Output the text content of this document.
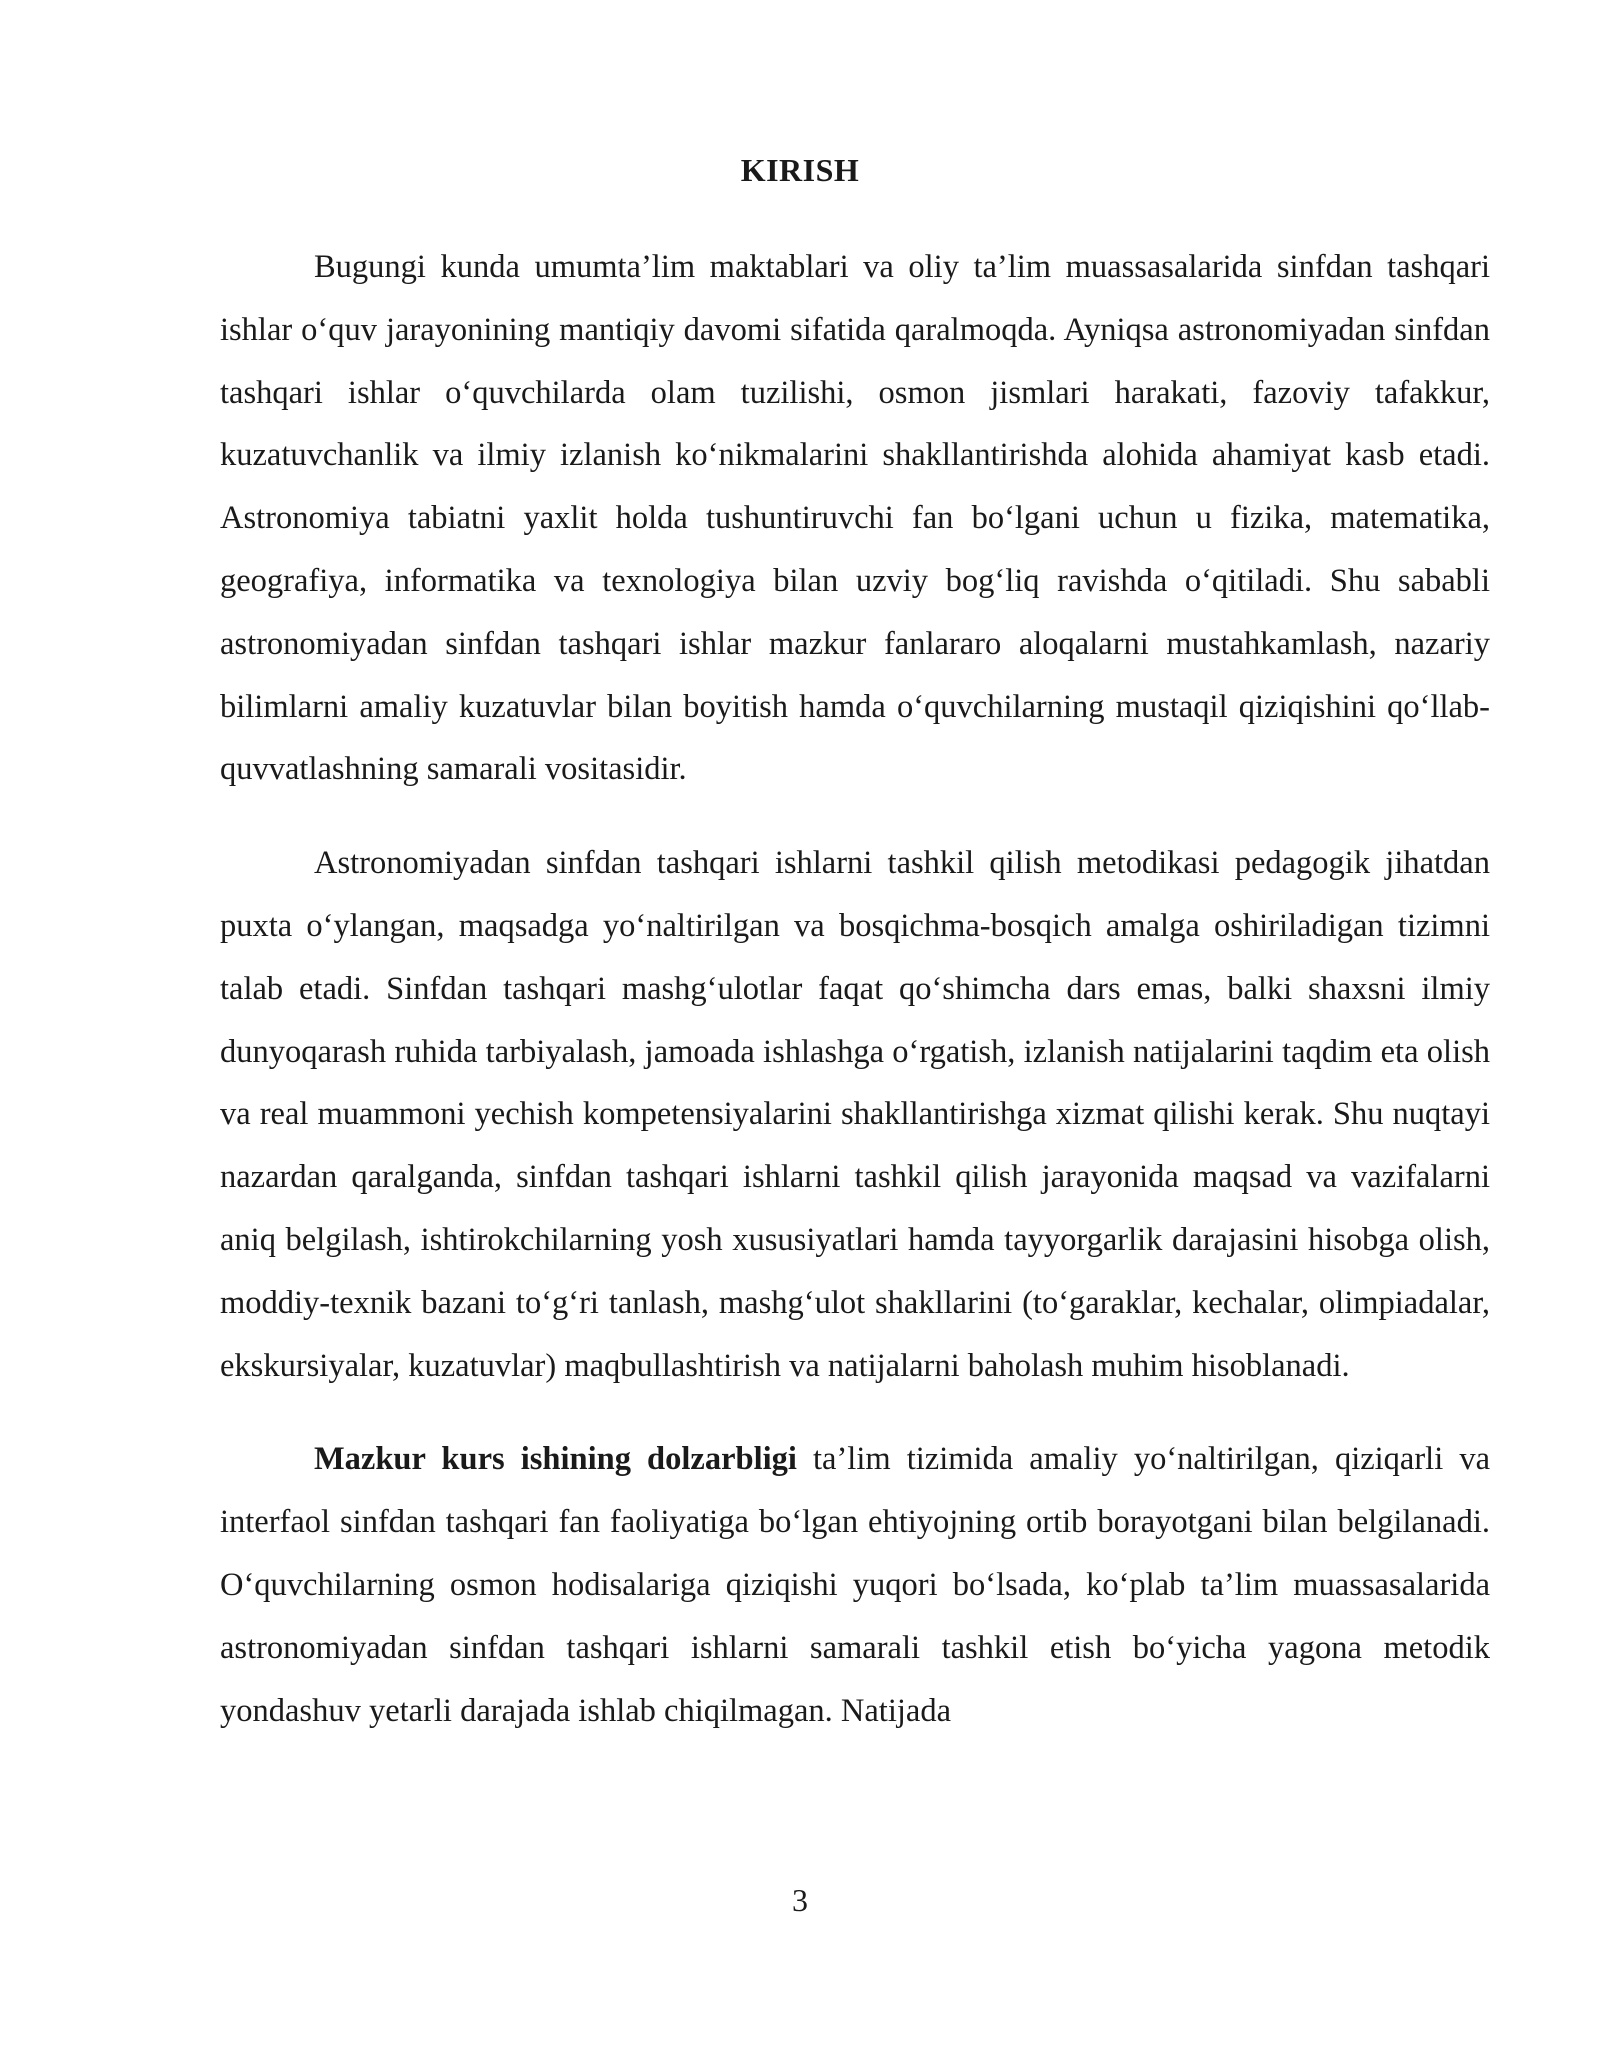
KIRISH

Bugungi kunda umumta’lim maktablari va oliy ta’lim muassasalarida sinfdan tashqari ishlar o‘quv jarayonining mantiqiy davomi sifatida qaralmoqda. Ayniqsa astronomiyadan sinfdan tashqari ishlar o‘quvchilarda olam tuzilishi, osmon jismlari harakati, fazoviy tafakkur, kuzatuvchanlik va ilmiy izlanish ko‘nikmalarini shakllantirishda alohida ahamiyat kasb etadi. Astronomiya tabiatni yaxlit holda tushuntiruvchi fan bo‘lgani uchun u fizika, matematika, geografiya, informatika va texnologiya bilan uzviy bog‘liq ravishda o‘qitiladi. Shu sababli astronomiyadan sinfdan tashqari ishlar mazkur fanlararo aloqalarni mustahkamlash, nazariy bilimlarni amaliy kuzatuvlar bilan boyitish hamda o‘quvchilarning mustaqil qiziqishini qo‘llab-quvvatlashning samarali vositasidir.

Astronomiyadan sinfdan tashqari ishlarni tashkil qilish metodikasi pedagogik jihatdan puxta o‘ylangan, maqsadga yo‘naltirilgan va bosqichma-bosqich amalga oshiriladigan tizimni talab etadi. Sinfdan tashqari mashg‘ulotlar faqat qo‘shimcha dars emas, balki shaxsni ilmiy dunyoqarash ruhida tarbiyalash, jamoada ishlashga o‘rgatish, izlanish natijalarini taqdim eta olish va real muammoni yechish kompetensiyalarini shakllantirishga xizmat qilishi kerak. Shu nuqtayi nazardan qaralganda, sinfdan tashqari ishlarni tashkil qilish jarayonida maqsad va vazifalarni aniq belgilash, ishtirokchilarning yosh xususiyatlari hamda tayyorgarlik darajasini hisobga olish, moddiy-texnik bazani to‘g‘ri tanlash, mashg‘ulot shakllarini (to‘garaklar, kechalar, olimpiadalar, ekskursiyalar, kuzatuvlar) maqbullashtirish va natijalarni baholash muhim hisoblanadi.

Mazkur kurs ishining dolzarbligi ta’lim tizimida amaliy yo‘naltirilgan, qiziqarli va interfaol sinfdan tashqari fan faoliyatiga bo‘lgan ehtiyojning ortib borayotgani bilan belgilanadi. O‘quvchilarning osmon hodisalariga qiziqishi yuqori bo‘lsada, ko‘plab ta’lim muassasalarida astronomiyadan sinfdan tashqari ishlarni samarali tashkil etish bo‘yicha yagona metodik yondashuv yetarli darajada ishlab chiqilmagan. Natijada

3
